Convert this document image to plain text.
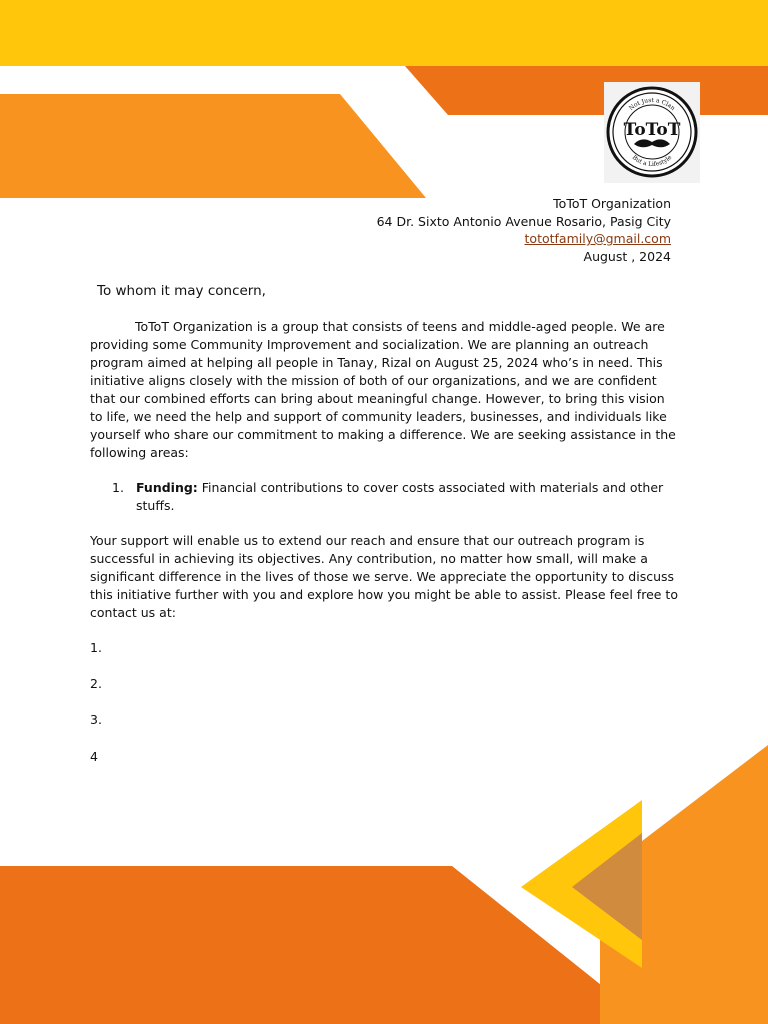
Not Just a Clan
But a Lifestyle
ToToT
ToToT Organization
64 Dr. Sixto Antonio Avenue Rosario, Pasig City
tototfamily@gmail.com
August , 2024
To whom it may concern,
ToToT Organization is a group that consists of teens and middle-aged people. We are providing some Community Improvement and socialization. We are planning an outreach program aimed at helping all people in Tanay, Rizal on August 25, 2024 who’s in need. This initiative aligns closely with the mission of both of our organizations, and we are confident that our combined efforts can bring about meaningful change. However, to bring this vision to life, we need the help and support of community leaders, businesses, and individuals like yourself who share our commitment to making a difference. We are seeking assistance in the following areas:
1. Funding: Financial contributions to cover costs associated with materials and other stuffs.
Your support will enable us to extend our reach and ensure that our outreach program is successful in achieving its objectives. Any contribution, no matter how small, will make a significant difference in the lives of those we serve. We appreciate the opportunity to discuss this initiative further with you and explore how you might be able to assist. Please feel free to contact us at:
1.
2.
3.
4
